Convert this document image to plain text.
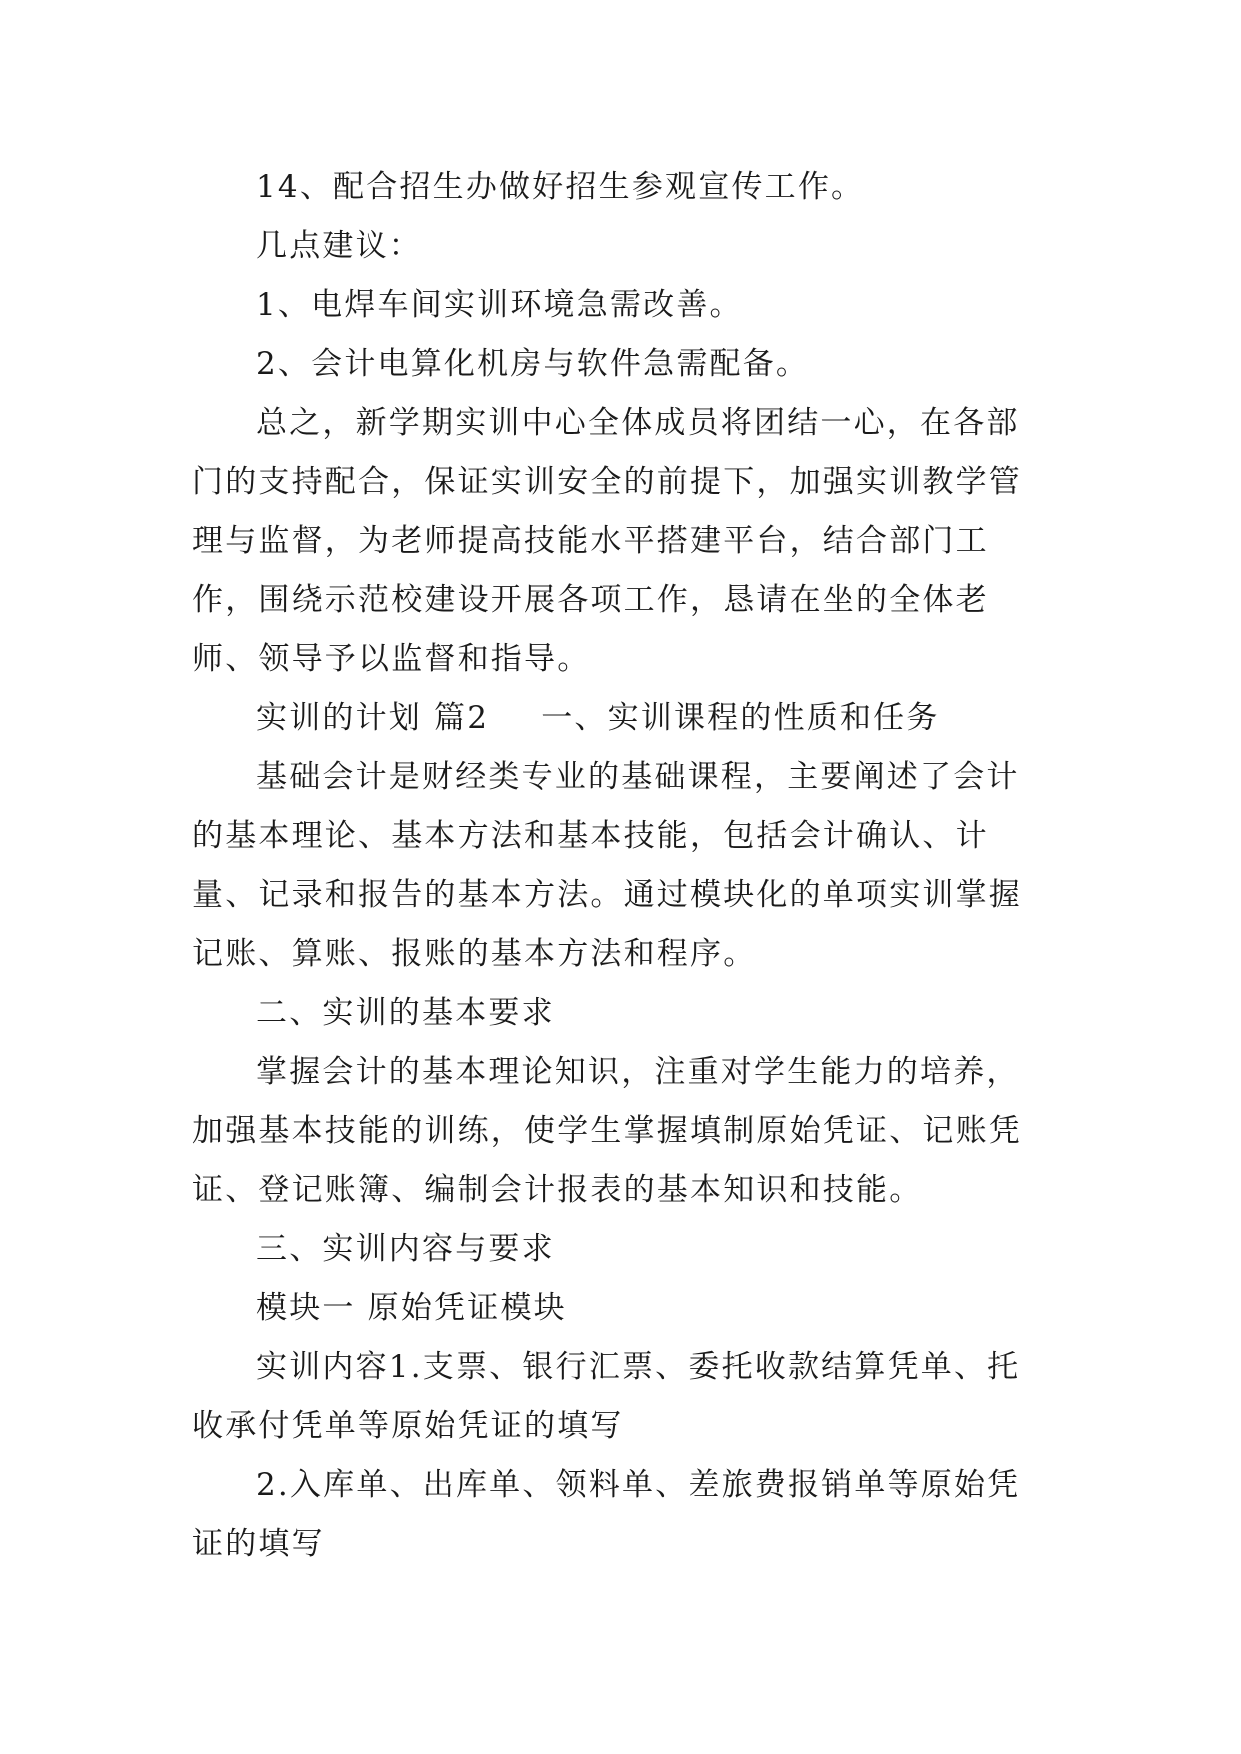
14、配合招生办做好招生参观宣传工作。

几点建议：

1、电焊车间实训环境急需改善。

2、会计电算化机房与软件急需配备。

总之，新学期实训中心全体成员将团结一心，在各部门的支持配合，保证实训安全的前提下，加强实训教学管理与监督，为老师提高技能水平搭建平台，结合部门工作，围绕示范校建设开展各项工作，恳请在坐的全体老师、领导予以监督和指导。

实训的计划 篇2 一、实训课程的性质和任务

基础会计是财经类专业的基础课程，主要阐述了会计的基本理论、基本方法和基本技能，包括会计确认、计量、记录和报告的基本方法。通过模块化的单项实训掌握记账、算账、报账的基本方法和程序。

二、实训的基本要求

掌握会计的基本理论知识，注重对学生能力的培养，加强基本技能的训练，使学生掌握填制原始凭证、记账凭证、登记账簿、编制会计报表的基本知识和技能。

三、实训内容与要求

模块一 原始凭证模块

实训内容1.支票、银行汇票、委托收款结算凭单、托收承付凭单等原始凭证的填写

2.入库单、出库单、领料单、差旅费报销单等原始凭证的填写
